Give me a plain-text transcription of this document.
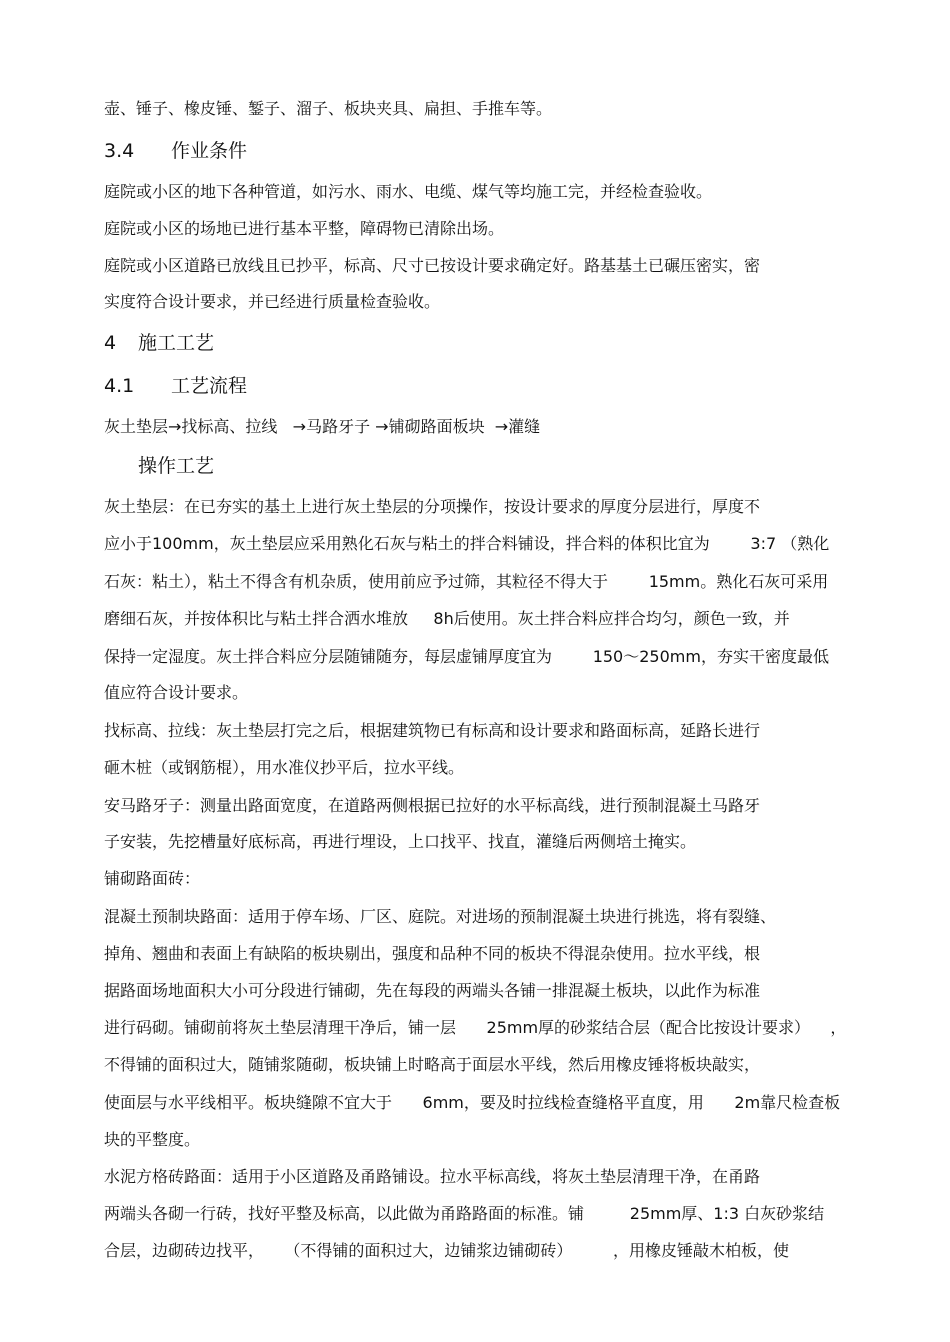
壶、锤子、橡皮锤、錾子、溜子、板块夹具、扁担、手推车等。
3.4 作业条件
庭院或小区的地下各种管道，如污水、雨水、电缆、煤气等均施工完，并经检查验收。
庭院或小区的场地已进行基本平整，障碍物已清除出场。
庭院或小区道路已放线且已抄平，标高、尺寸已按设计要求确定好。路基基土已碾压密实，密
实度符合设计要求，并已经进行质量检查验收。
4 施工工艺
4.1 工艺流程
灰土垫层→找标高、拉线   →马路牙子 →铺砌路面板块  →灌缝
操作工艺
灰土垫层：在已夯实的基土上进行灰土垫层的分项操作，按设计要求的厚度分层进行，厚度不
应小于100mm，灰土垫层应采用熟化石灰与粘土的拌合料铺设，拌合料的体积比宜为        3:7 （熟化
石灰：粘土），粘土不得含有机杂质，使用前应予过筛，其粒径不得大于        15mm。熟化石灰可采用
磨细石灰，并按体积比与粘土拌合洒水堆放     8h后使用。灰土拌合料应拌合均匀，颜色一致，并
保持一定湿度。灰土拌合料应分层随铺随夯，每层虚铺厚度宜为        150～250mm，夯实干密度最低
值应符合设计要求。
找标高、拉线：灰土垫层打完之后，根据建筑物已有标高和设计要求和路面标高，延路长进行
砸木桩（或钢筋棍），用水准仪抄平后，拉水平线。
安马路牙子：测量出路面宽度，在道路两侧根据已拉好的水平标高线，进行预制混凝土马路牙
子安装，先挖槽量好底标高，再进行埋设，上口找平、找直，灌缝后两侧培土掩实。
铺砌路面砖：
混凝土预制块路面：适用于停车场、厂区、庭院。对进场的预制混凝土块进行挑选，将有裂缝、
掉角、翘曲和表面上有缺陷的板块剔出，强度和品种不同的板块不得混杂使用。拉水平线，根
据路面场地面积大小可分段进行铺砌，先在每段的两端头各铺一排混凝土板块，以此作为标准
进行码砌。铺砌前将灰土垫层清理干净后，铺一层      25mm厚的砂浆结合层（配合比按设计要求）    ，
不得铺的面积过大，随铺浆随砌，板块铺上时略高于面层水平线，然后用橡皮锤将板块敲实，
使面层与水平线相平。板块缝隙不宜大于      6mm，要及时拉线检查缝格平直度，用      2m靠尺检查板
块的平整度。
水泥方格砖路面：适用于小区道路及甬路铺设。拉水平标高线，将灰土垫层清理干净，在甬路
两端头各砌一行砖，找好平整及标高，以此做为甬路路面的标准。铺         25mm厚、1:3 白灰砂浆结
合层，边砌砖边找平，    （不得铺的面积过大，边铺浆边铺砌砖）        ，用橡皮锤敲木柏板，使
